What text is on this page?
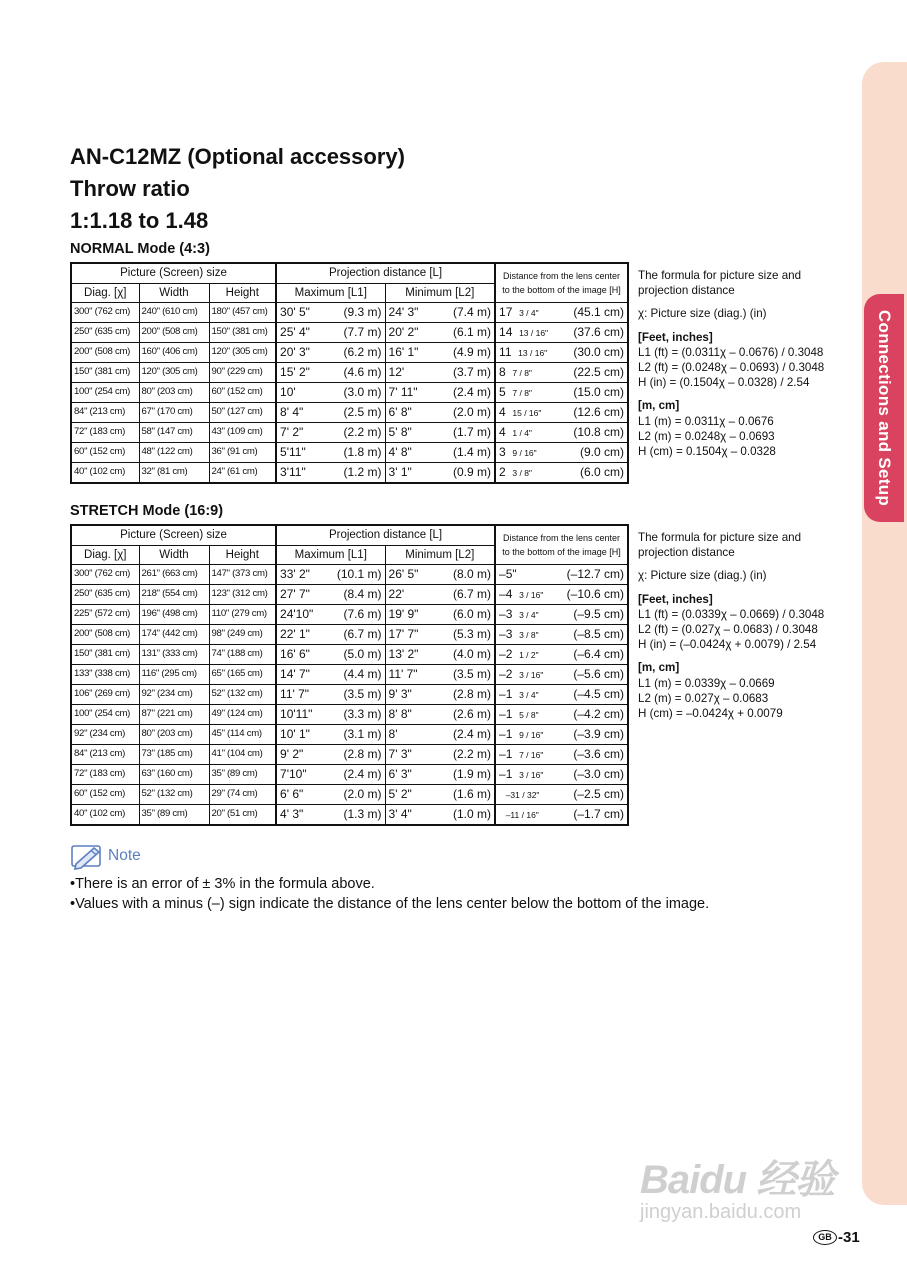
Connections and Setup
AN-C12MZ (Optional accessory)
Throw ratio
1:1.18 to 1.48
NORMAL Mode (4:3)
Picture (Screen) size			Projection distance [L]		Distance from the lens center
to the bottom of the image [H]
Diag. [χ]	Width	Height	Maximum [L1]	Minimum [L2]	
300" (762 cm)	240" (610 cm)	180" (457 cm)	30' 5" (9.3 m)	24' 3" (7.4 m)	17 3 / 4" (45.1 cm)

250" (635 cm)	200" (508 cm)	150" (381 cm)	25' 4" (7.7 m)	20' 2" (6.1 m)	14 13 / 16" (37.6 cm)

200" (508 cm)	160" (406 cm)	120" (305 cm)	20' 3" (6.2 m)	16' 1" (4.9 m)	11 13 / 16" (30.0 cm)

150" (381 cm)	120" (305 cm)	90" (229 cm)	15' 2" (4.6 m)	12' (3.7 m)	8 7 / 8" (22.5 cm)

100" (254 cm)	80" (203 cm)	60" (152 cm)	10' (3.0 m)	7' 11" (2.4 m)	5 7 / 8" (15.0 cm)

84" (213 cm)	67" (170 cm)	50" (127 cm)	8' 4" (2.5 m)	6' 8" (2.0 m)	4 15 / 16" (12.6 cm)

72" (183 cm)	58" (147 cm)	43" (109 cm)	7' 2" (2.2 m)	5' 8" (1.7 m)	4 1 / 4" (10.8 cm)

60" (152 cm)	48" (122 cm)	36" (91 cm)	5'11" (1.8 m)	4' 8" (1.4 m)	3 9 / 16" (9.0 cm)

40" (102 cm)	32" (81 cm)	24" (61 cm)	3'11" (1.2 m)	3' 1" (0.9 m)	2 3 / 8" (6.0 cm)

The formula for picture size and projection distance

χ: Picture size (diag.) (in)

[Feet, inches]

L1 (ft) = (0.0311χ – 0.0676) / 0.3048

L2 (ft) = (0.0248χ – 0.0693) / 0.3048

H (in) = (0.1504χ – 0.0328) / 2.54

[m, cm]

L1 (m) = 0.0311χ – 0.0676

L2 (m) = 0.0248χ – 0.0693

H (cm) = 0.1504χ – 0.0328

STRETCH Mode (16:9)
Picture (Screen) size			Projection distance [L]		Distance from the lens center
to the bottom of the image [H]
Diag. [χ]	Width	Height	Maximum [L1]	Minimum [L2]	
300" (762 cm)	261" (663 cm)	147" (373 cm)	33' 2" (10.1 m)	26' 5" (8.0 m)	–5" (–12.7 cm)

250" (635 cm)	218" (554 cm)	123" (312 cm)	27' 7" (8.4 m)	22' (6.7 m)	–4 3 / 16" (–10.6 cm)

225" (572 cm)	196" (498 cm)	110" (279 cm)	24'10" (7.6 m)	19' 9" (6.0 m)	–3 3 / 4" (–9.5 cm)

200" (508 cm)	174" (442 cm)	98" (249 cm)	22' 1" (6.7 m)	17' 7" (5.3 m)	–3 3 / 8" (–8.5 cm)

150" (381 cm)	131" (333 cm)	74" (188 cm)	16' 6" (5.0 m)	13' 2" (4.0 m)	–2 1 / 2" (–6.4 cm)

133" (338 cm)	116" (295 cm)	65" (165 cm)	14' 7" (4.4 m)	11' 7" (3.5 m)	–2 3 / 16" (–5.6 cm)

106" (269 cm)	92" (234 cm)	52" (132 cm)	11' 7" (3.5 m)	9' 3" (2.8 m)	–1 3 / 4" (–4.5 cm)

100" (254 cm)	87" (221 cm)	49" (124 cm)	10'11" (3.3 m)	8' 8" (2.6 m)	–1 5 / 8" (–4.2 cm)

92" (234 cm)	80" (203 cm)	45" (114 cm)	10' 1" (3.1 m)	8' (2.4 m)	–1 9 / 16" (–3.9 cm)

84" (213 cm)	73" (185 cm)	41" (104 cm)	9' 2" (2.8 m)	7' 3" (2.2 m)	–1 7 / 16" (–3.6 cm)

72" (183 cm)	63" (160 cm)	35" (89 cm)	7'10" (2.4 m)	6' 3" (1.9 m)	–1 3 / 16" (–3.0 cm)

60" (152 cm)	52" (132 cm)	29" (74 cm)	6' 6" (2.0 m)	5' 2" (1.6 m)	–31 / 32" (–2.5 cm)

40" (102 cm)	35" (89 cm)	20" (51 cm)	4' 3" (1.3 m)	3' 4" (1.0 m)	–11 / 16" (–1.7 cm)

The formula for picture size and projection distance

χ: Picture size (diag.) (in)

[Feet, inches]

L1 (ft) = (0.0339χ – 0.0669) / 0.3048

L2 (ft) = (0.027χ – 0.0683) / 0.3048

H (in) = (–0.0424χ + 0.0079) / 2.54

[m, cm]

L1 (m) = 0.0339χ – 0.0669

L2 (m) = 0.027χ – 0.0683

H (cm) = –0.0424χ + 0.0079

Note
• There is an error of ± 3% in the formula above.
• Values with a minus (–) sign indicate the distance of the lens center below the bottom of the image.
Baidu 经验
jingyan.baidu.com
GB -31
